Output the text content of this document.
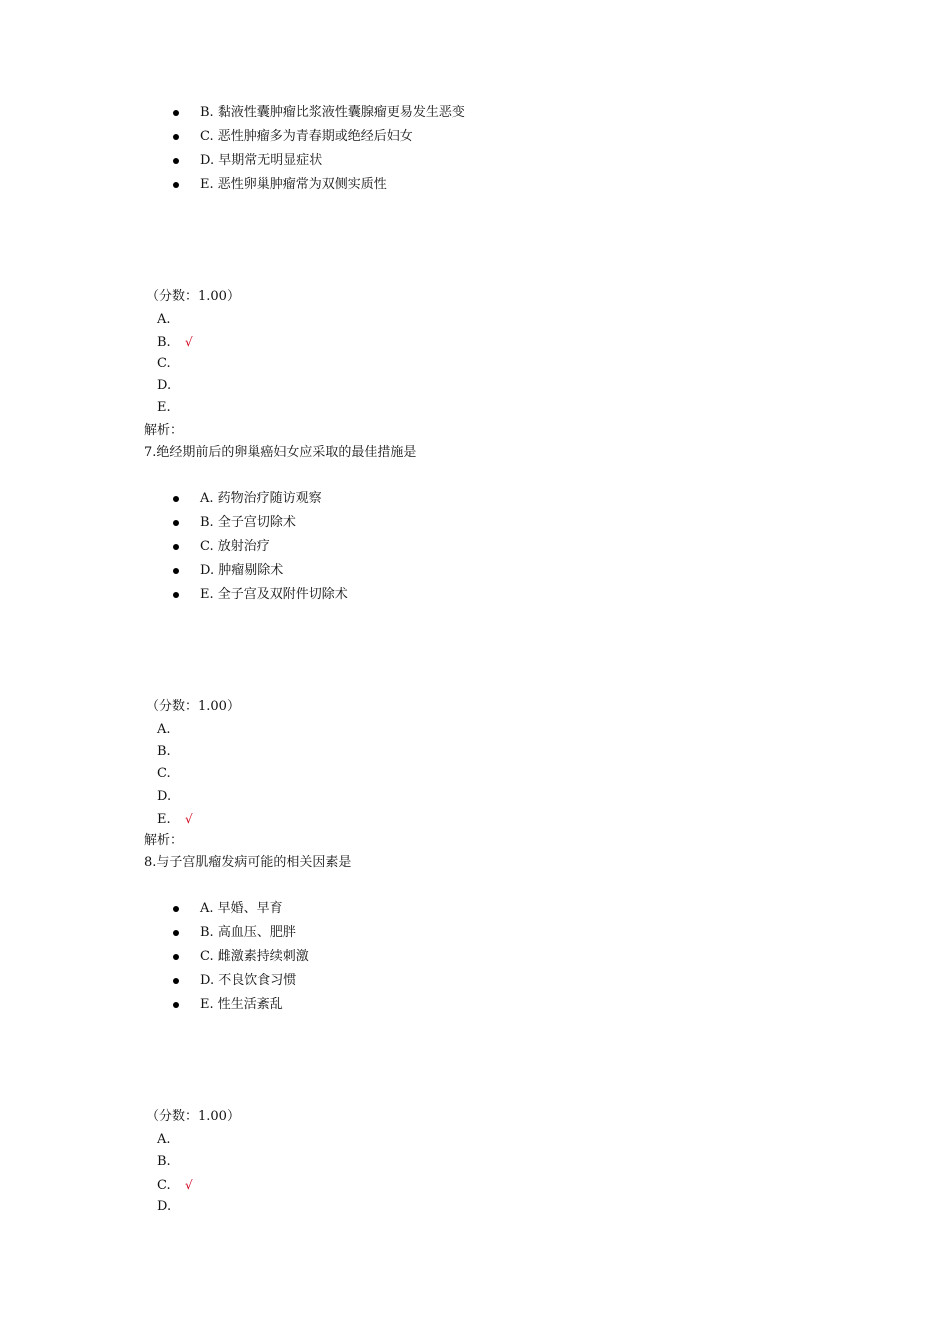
B. 黏液性囊肿瘤比浆液性囊腺瘤更易发生恶变
C. 恶性肿瘤多为青春期或绝经后妇女
D. 早期常无明显症状
E. 恶性卵巢肿瘤常为双侧实质性
（分数：1.00）
A.
B. √
C.
D.
E.
解析：
7.绝经期前后的卵巢癌妇女应采取的最佳措施是
A. 药物治疗随访观察
B. 全子宫切除术
C. 放射治疗
D. 肿瘤剔除术
E. 全子宫及双附件切除术
（分数：1.00）
A.
B.
C.
D.
E. √
解析：
8.与子宫肌瘤发病可能的相关因素是
A. 早婚、早育
B. 高血压、肥胖
C. 雌激素持续刺激
D. 不良饮食习惯
E. 性生活紊乱
（分数：1.00）
A.
B.
C. √
D.
